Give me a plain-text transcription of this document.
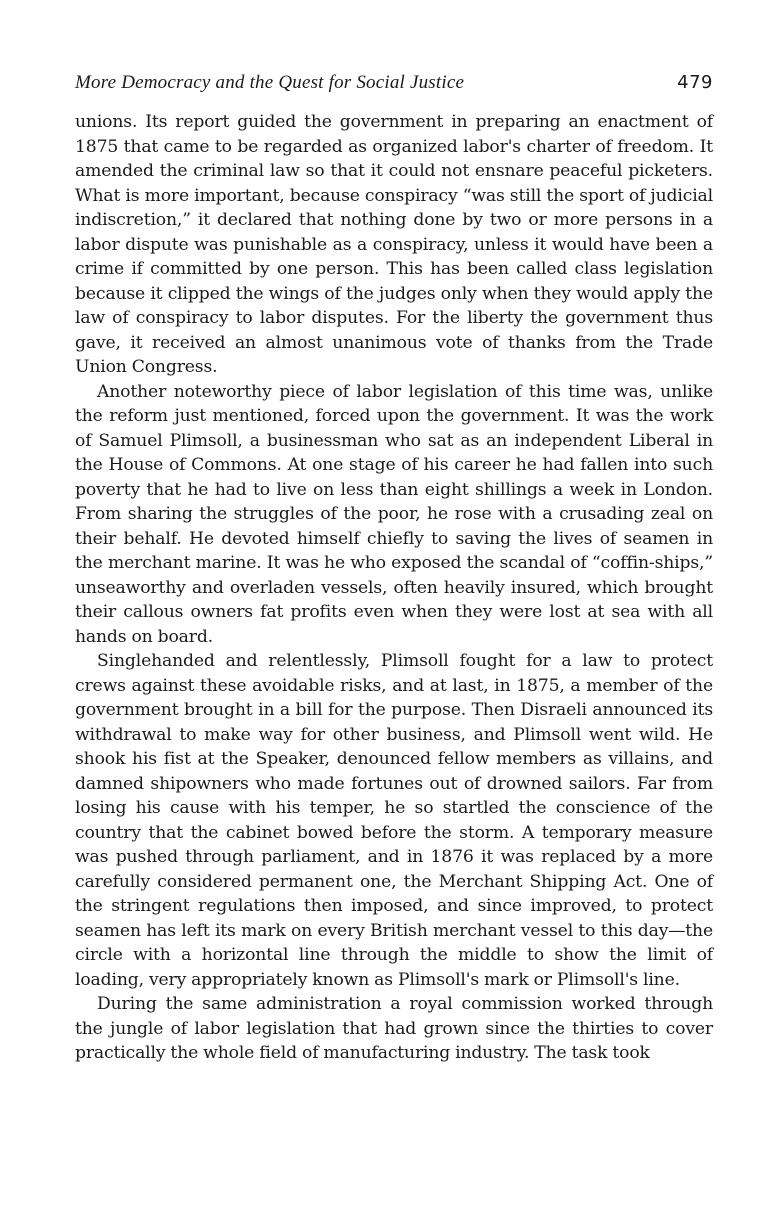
More Democracy and the Quest for Social Justice	479

unions. Its report guided the government in preparing an enactment of 1875 that came to be regarded as organized labor's charter of freedom. It amended the criminal law so that it could not ensnare peaceful picketers. What is more important, because conspiracy “was still the sport of judicial indiscretion,” it declared that nothing done by two or more persons in a labor dispute was punishable as a conspiracy, unless it would have been a crime if committed by one person. This has been called class legislation because it clipped the wings of the judges only when they would apply the law of conspiracy to labor disputes. For the liberty the government thus gave, it received an almost unanimous vote of thanks from the Trade Union Congress.

Another noteworthy piece of labor legislation of this time was, unlike the reform just mentioned, forced upon the government. It was the work of Samuel Plimsoll, a businessman who sat as an independent Liberal in the House of Commons. At one stage of his career he had fallen into such poverty that he had to live on less than eight shillings a week in London. From sharing the struggles of the poor, he rose with a crusading zeal on their behalf. He devoted himself chiefly to saving the lives of seamen in the merchant marine. It was he who exposed the scandal of “coffin-ships,” unseaworthy and overladen vessels, often heavily insured, which brought their callous owners fat profits even when they were lost at sea with all hands on board.

Singlehanded and relentlessly, Plimsoll fought for a law to protect crews against these avoidable risks, and at last, in 1875, a member of the government brought in a bill for the purpose. Then Disraeli announced its withdrawal to make way for other business, and Plimsoll went wild. He shook his fist at the Speaker, denounced fellow members as villains, and damned shipowners who made fortunes out of drowned sailors. Far from losing his cause with his temper, he so startled the conscience of the country that the cabinet bowed before the storm. A temporary measure was pushed through parliament, and in 1876 it was replaced by a more carefully considered permanent one, the Merchant Shipping Act. One of the stringent regulations then imposed, and since improved, to protect seamen has left its mark on every British merchant vessel to this day—the circle with a horizontal line through the middle to show the limit of loading, very appropriately known as Plimsoll's mark or Plimsoll's line.

During the same administration a royal commission worked through the jungle of labor legislation that had grown since the thirties to cover practically the whole field of manufacturing industry. The task took
